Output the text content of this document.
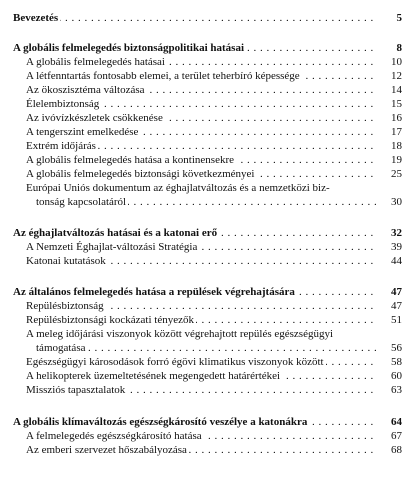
Bevezetés . . .	5
A globális felmelegedés biztonságpolitikai hatásai . . .	8
A globális felmelegedés hatásai . . .	10
A létfenntartás fontosabb elemei, a terület teherbíró képessége . . .	12
Az ökoszisztéma változása . . .	14
Élelembiztonság . . .	15
Az ivóvízkészletek csökkenése . . .	16
A tengerszint emelkedése . . .	17
Extrém időjárás . . .	18
A globális felmelegedés hatása a kontinensekre . . .	19
A globális felmelegedés biztonsági következményei . . .	25
Európai Uniós dokumentum az éghajlatváltozás és a nemzetközi biz-
tonság kapcsolatáról . . .	30
Az éghajlatváltozás hatásai és a katonai erő . . .	32
A Nemzeti Éghajlat-változási Stratégia . . .	39
Katonai kutatások . . .	44
Az általános felmelegedés hatása a repülések végrehajtására . . .	47
Repülésbiztonság . . .	47
Repülésbiztonsági kockázati tényezők . . .	51
A meleg időjárási viszonyok között végrehajtott repülés egészségügyi
támogatása . . .	56
Egészségügyi károsodások forró égövi klimatikus viszonyok között . . .	58
A helikopterek üzemeltetésének megengedett határértékei . . .	60
Missziós tapasztalatok . . .	63
A globális klímaváltozás egészségkárosító veszélye a katonákra . . .	64
A felmelegedés egészségkárosító hatása . . .	67
Az emberi szervezet hőszabályozása . . .	68
